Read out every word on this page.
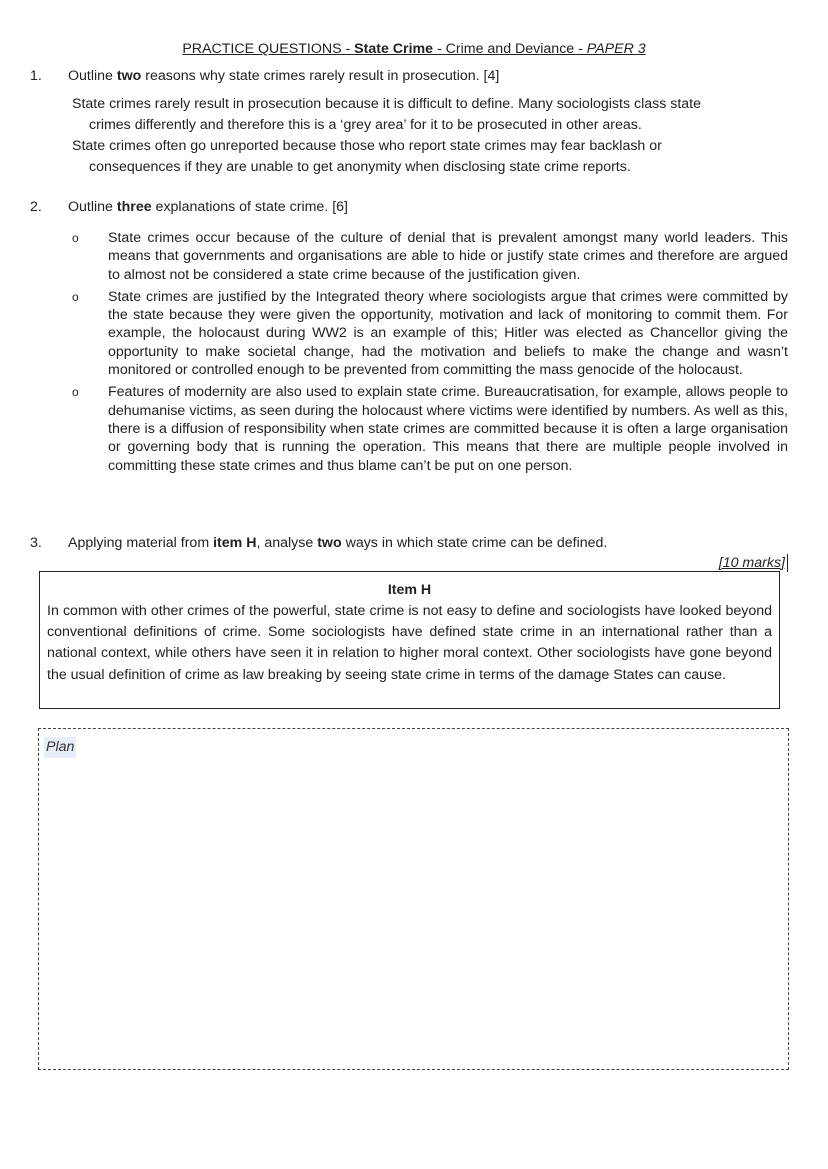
PRACTICE QUESTIONS - State Crime - Crime and Deviance - PAPER 3
1. Outline two reasons why state crimes rarely result in prosecution. [4]
State crimes rarely result in prosecution because it is difficult to define. Many sociologists class state
crimes differently and therefore this is a ‘grey area’ for it to be prosecuted in other areas.
State crimes often go unreported because those who report state crimes may fear backlash or
consequences if they are unable to get anonymity when disclosing state crime reports.
2. Outline three explanations of state crime. [6]
o State crimes occur because of the culture of denial that is prevalent amongst many world leaders. This means that governments and organisations are able to hide or justify state crimes and therefore are argued to almost not be considered a state crime because of the justification given.
o State crimes are justified by the Integrated theory where sociologists argue that crimes were committed by the state because they were given the opportunity, motivation and lack of monitoring to commit them. For example, the holocaust during WW2 is an example of this; Hitler was elected as Chancellor giving the opportunity to make societal change, had the motivation and beliefs to make the change and wasn’t monitored or controlled enough to be prevented from committing the mass genocide of the holocaust.
o Features of modernity are also used to explain state crime. Bureaucratisation, for example, allows people to dehumanise victims, as seen during the holocaust where victims were identified by numbers. As well as this, there is a diffusion of responsibility when state crimes are committed because it is often a large organisation or governing body that is running the operation. This means that there are multiple people involved in committing these state crimes and thus blame can’t be put on one person.
3. Applying material from item H, analyse two ways in which state crime can be defined.
[10 marks]
Item H
In common with other crimes of the powerful, state crime is not easy to define and sociologists have looked beyond conventional definitions of crime. Some sociologists have defined state crime in an international rather than a national context, while others have seen it in relation to higher moral context. Other sociologists have gone beyond the usual definition of crime as law breaking by seeing state crime in terms of the damage States can cause.
Plan
